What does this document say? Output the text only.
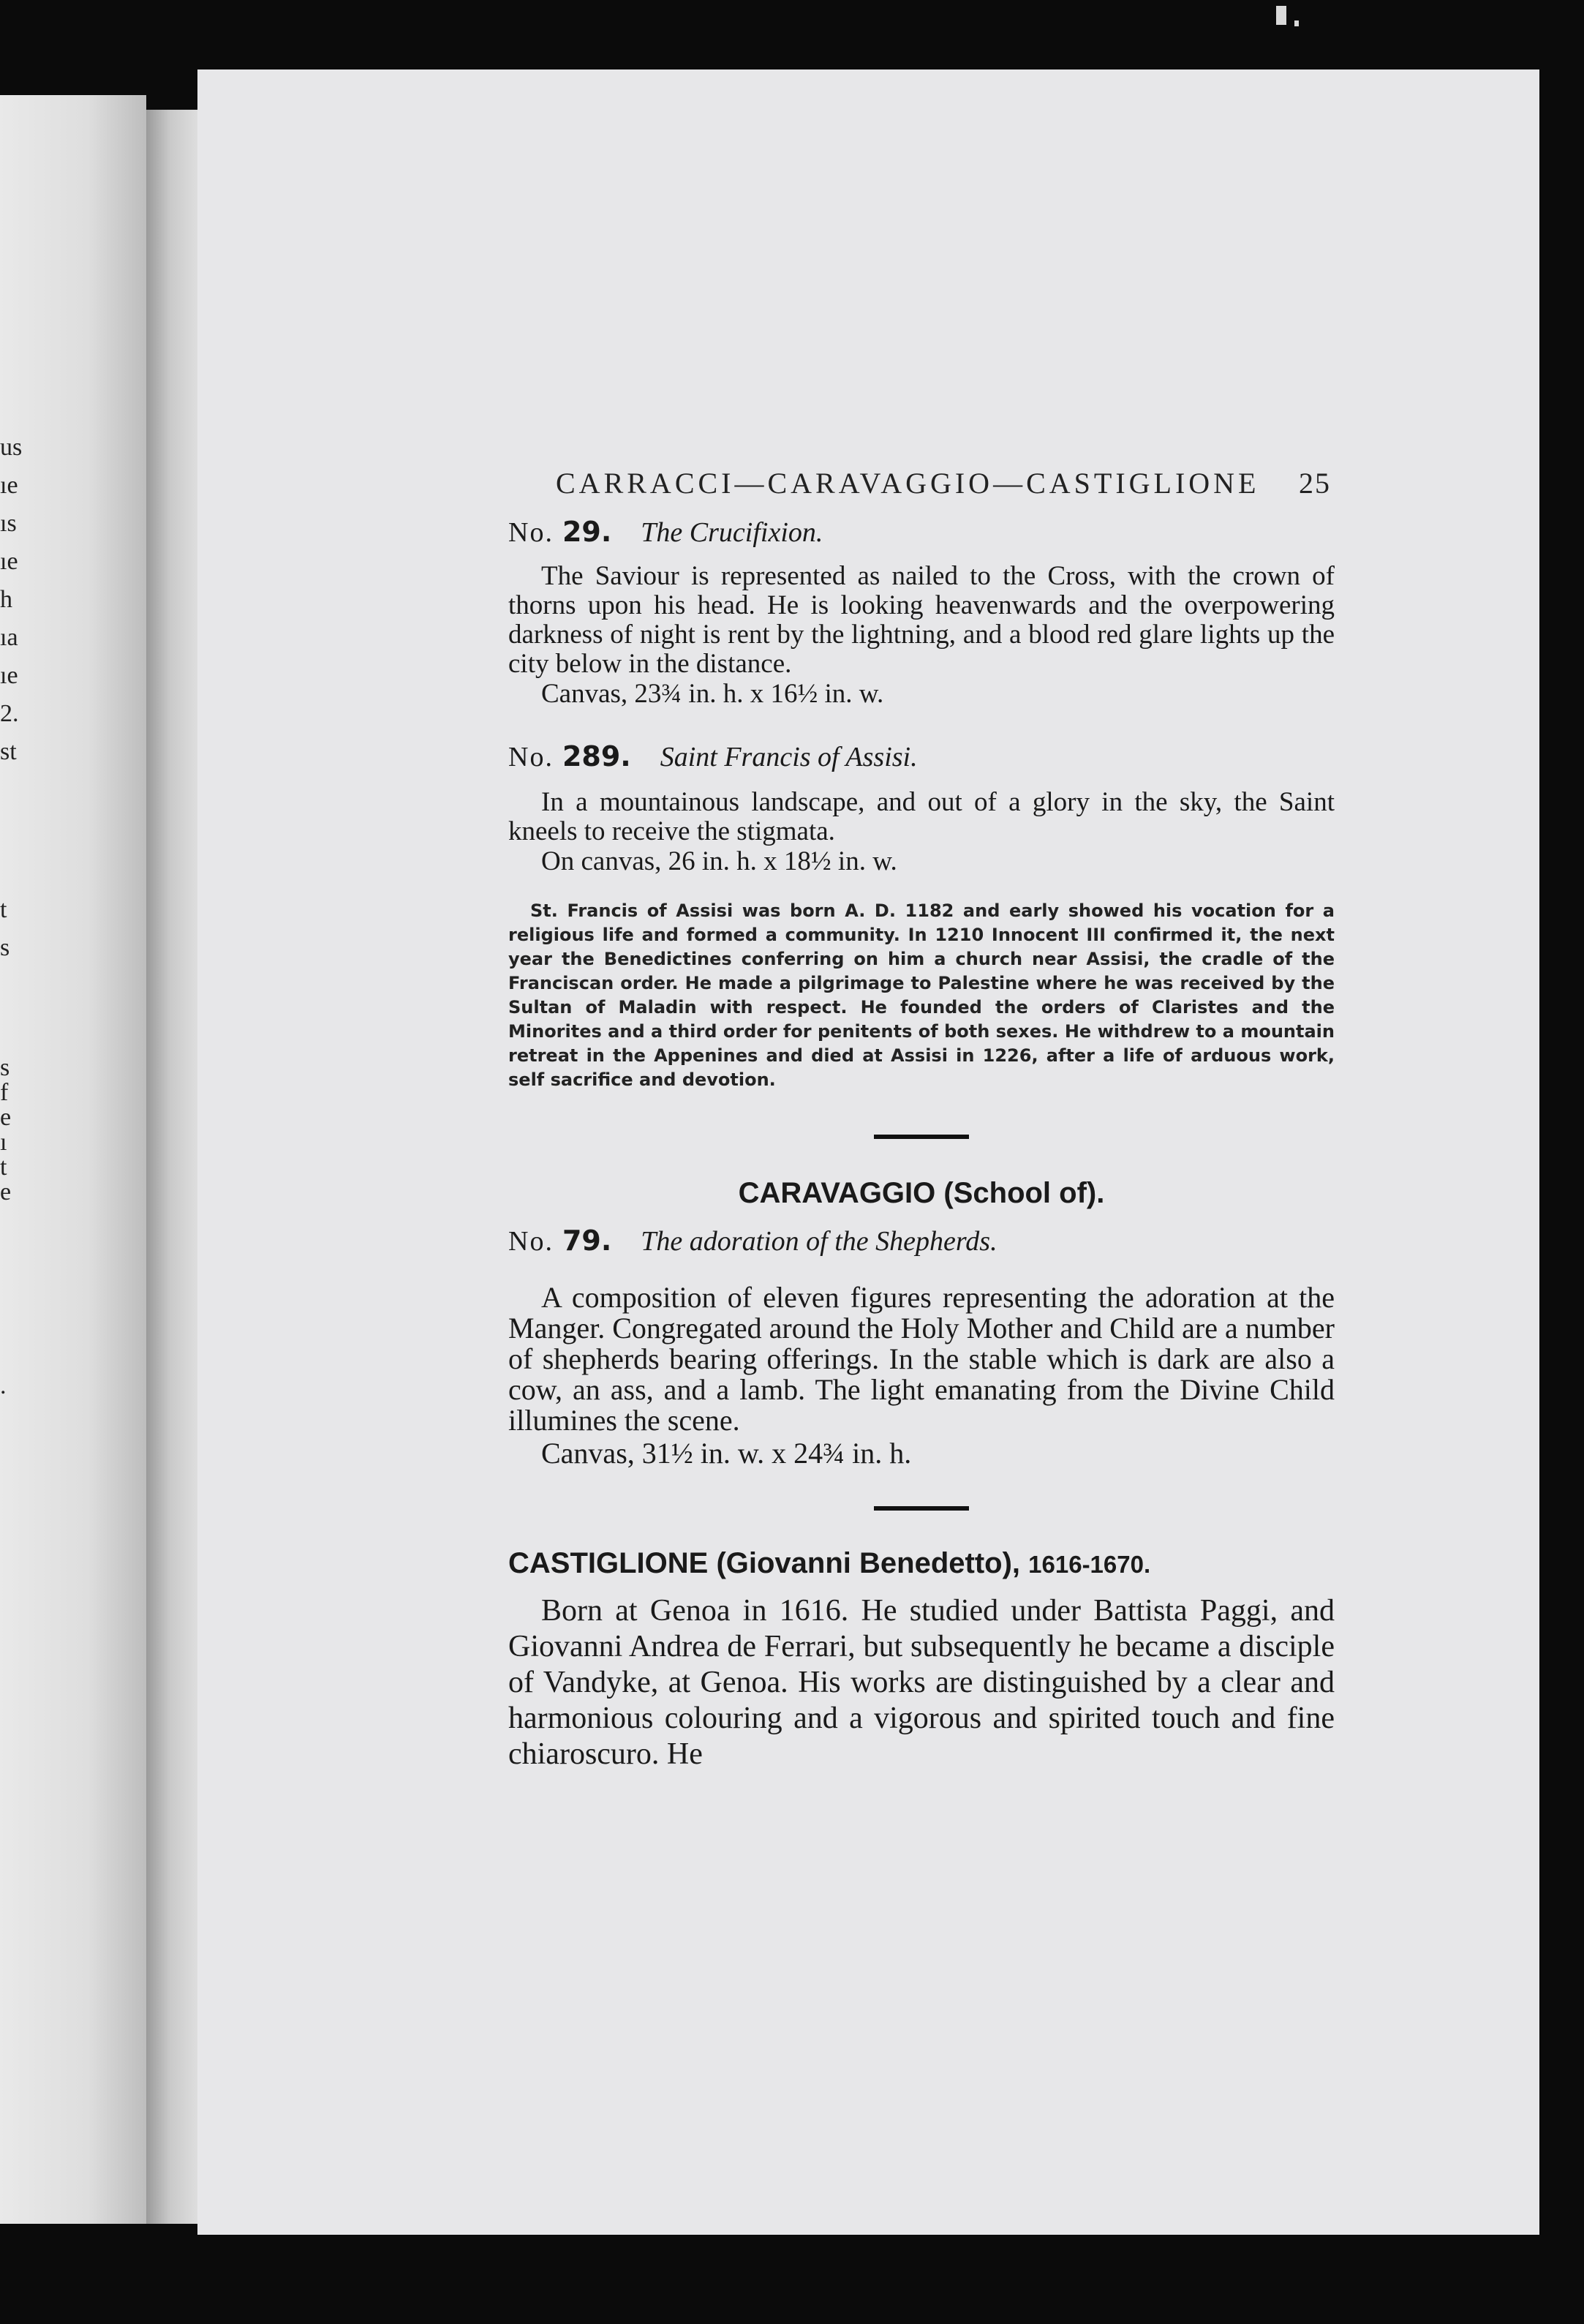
us
ıe
ıs
ıe
h
ıa
ıe
2.
st
t
s
s
f
e
ı
t
e
.
CARRACCI—CARAVAGGIO—CASTIGLIONE 25

No. 29. The Crucifixion.

The Saviour is represented as nailed to the Cross, with the crown of thorns upon his head. He is looking heavenwards and the overpowering darkness of night is rent by the lightning, and a blood red glare lights up the city below in the distance.

Canvas, 23¾ in. h. x 16½ in. w.

No. 289. Saint Francis of Assisi.

In a mountainous landscape, and out of a glory in the sky, the Saint kneels to receive the stigmata.

On canvas, 26 in. h. x 18½ in. w.

St. Francis of Assisi was born A. D. 1182 and early showed his vocation for a religious life and formed a community. In 1210 Innocent III confirmed it, the next year the Benedictines conferring on him a church near Assisi, the cradle of the Franciscan order. He made a pilgrimage to Palestine where he was received by the Sultan of Maladin with respect. He founded the orders of Claristes and the Minorites and a third order for penitents of both sexes. He withdrew to a mountain retreat in the Appenines and died at Assisi in 1226, after a life of arduous work, self sacrifice and devotion.

CARAVAGGIO (School of).

No. 79. The adoration of the Shepherds.

A composition of eleven figures representing the adoration at the Manger. Congregated around the Holy Mother and Child are a number of shepherds bearing offerings. In the stable which is dark are also a cow, an ass, and a lamb. The light emanating from the Divine Child illumines the scene.

Canvas, 31½ in. w. x 24¾ in. h.

CASTIGLIONE (Giovanni Benedetto), 1616-1670.

Born at Genoa in 1616. He studied under Battista Paggi, and Giovanni Andrea de Ferrari, but subsequently he became a disciple of Vandyke, at Genoa. His works are distinguished by a clear and harmonious colouring and a vigorous and spirited touch and fine chiaroscuro. He
